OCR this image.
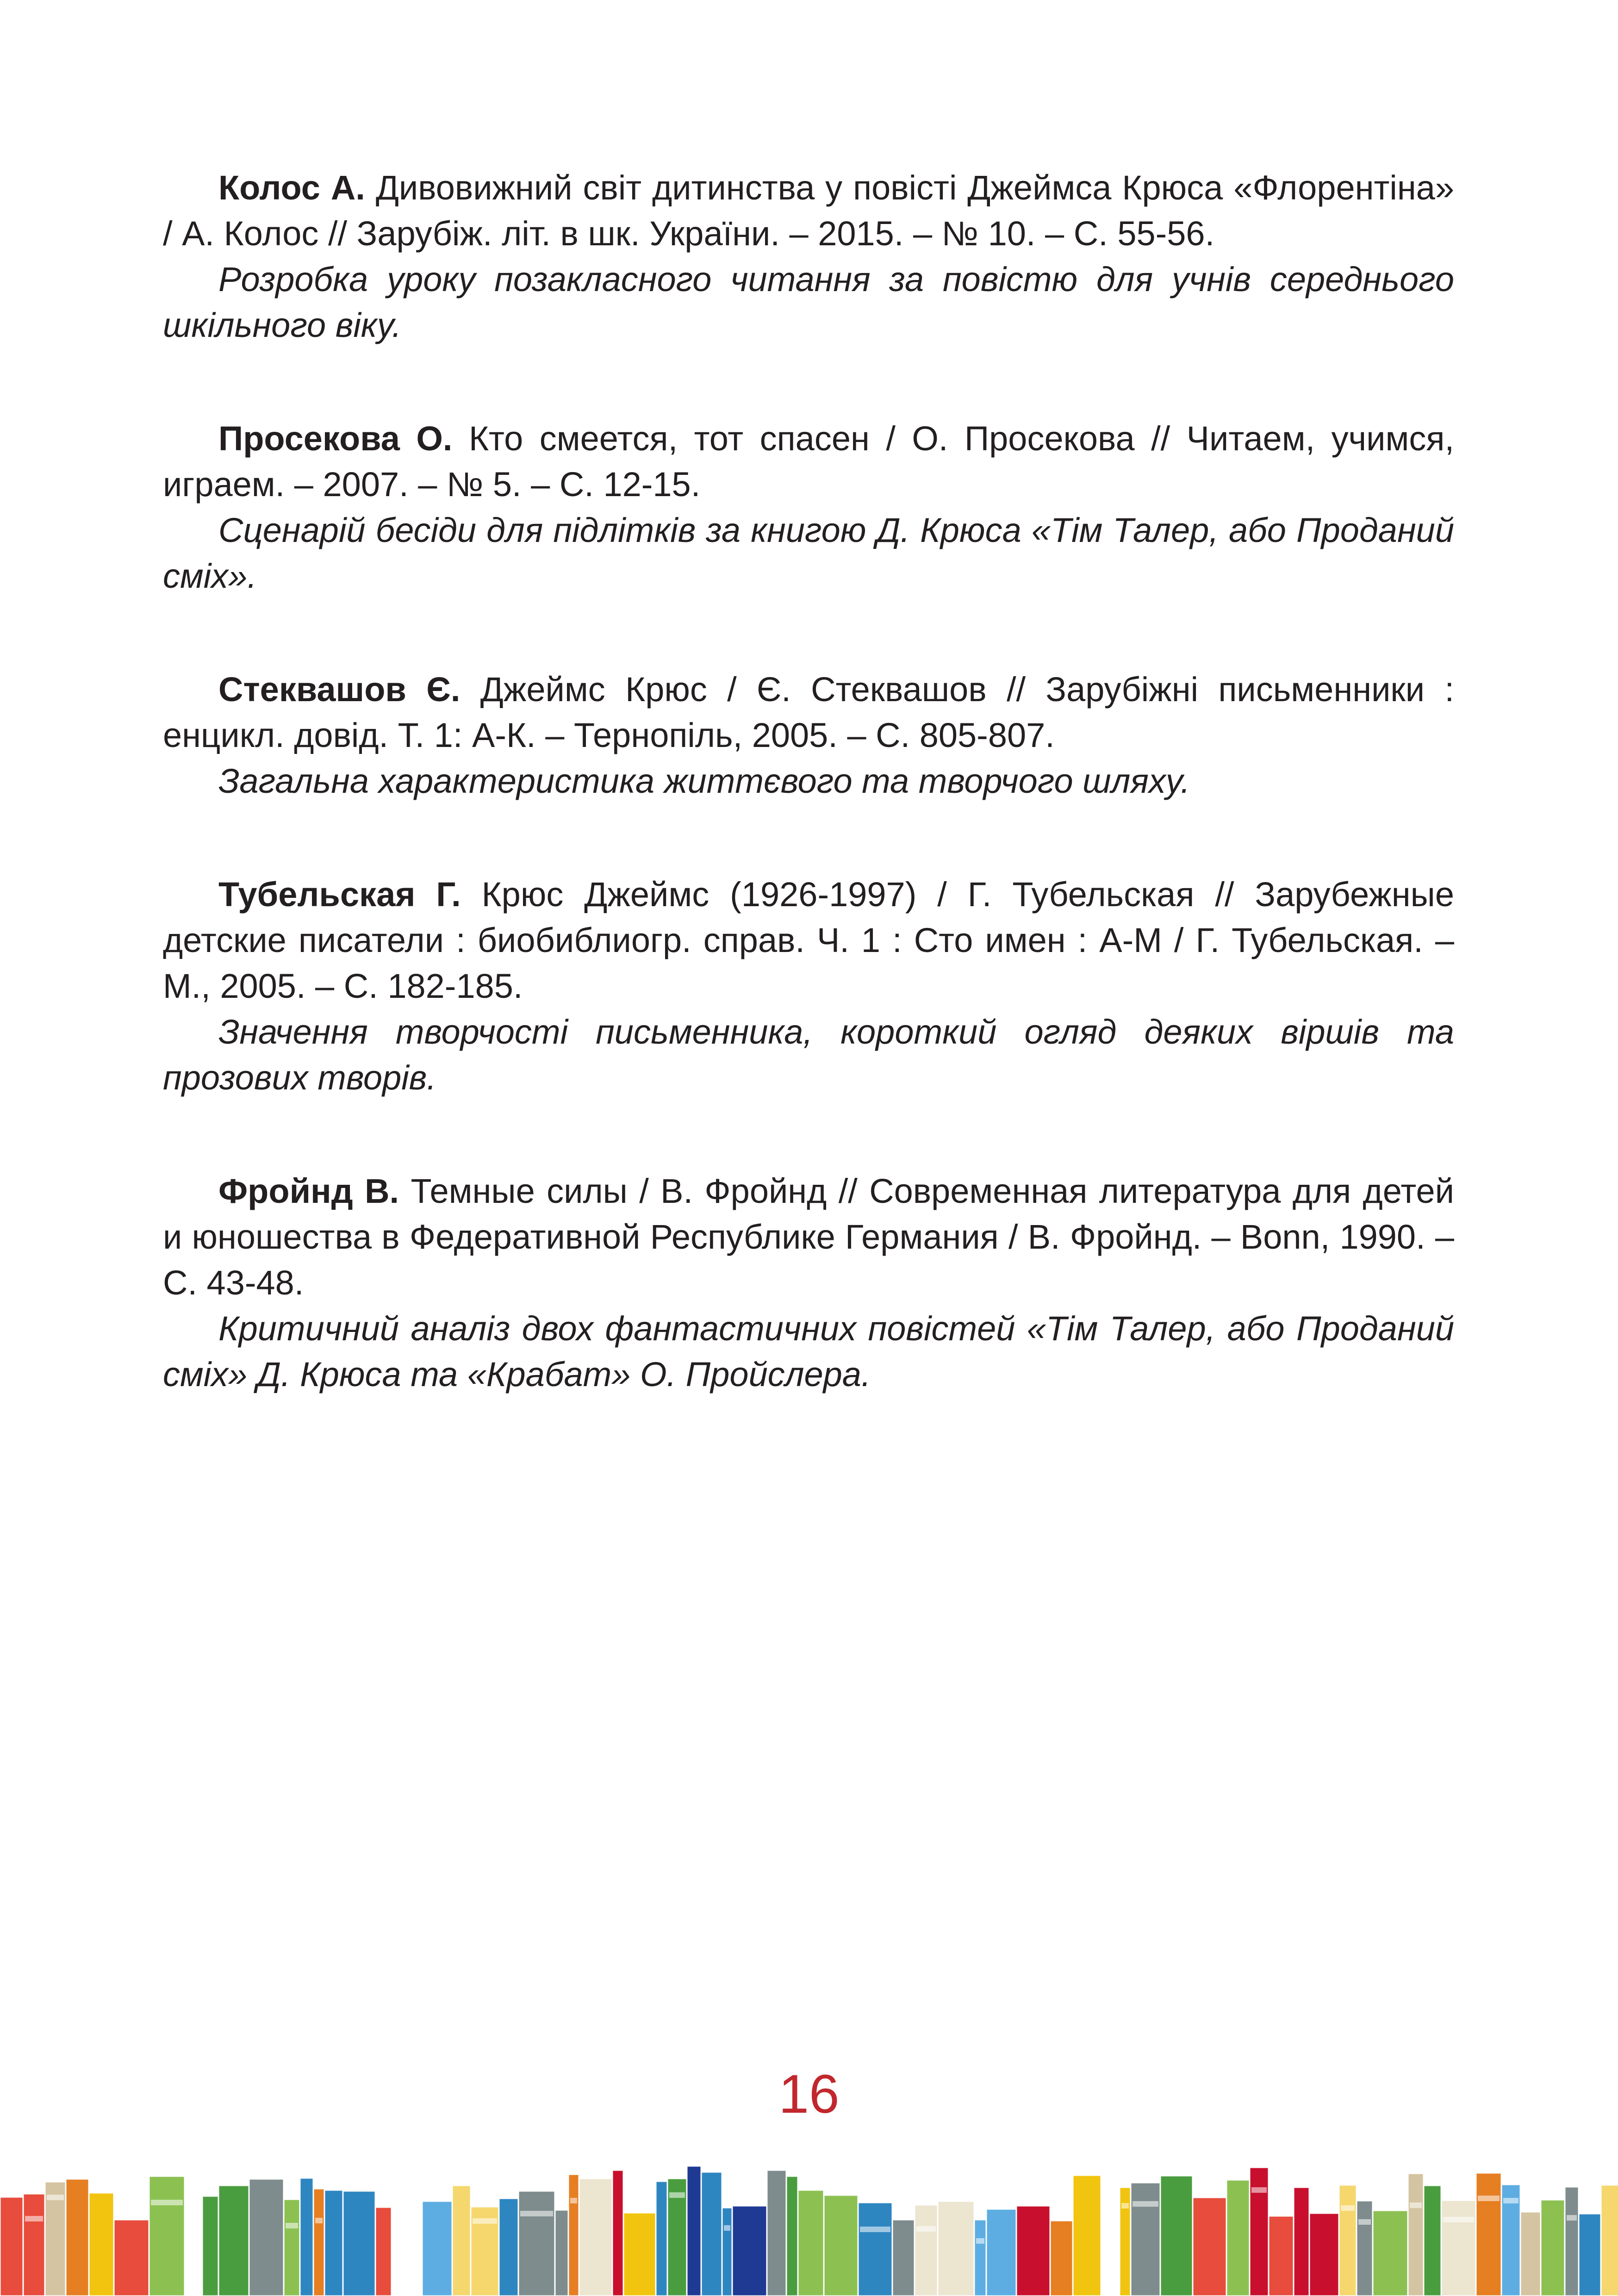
Колос А. Дивовижний світ дитинства у повісті Джеймса Крюса «Флорентіна» / А. Колос // Зарубіж. літ. в шк. України. – 2015. – № 10. – С. 55-56.

Розробка уроку позакласного читання за повістю для учнів середнього шкільного віку.

Просекова О. Кто смеется, тот спасен / О. Просекова // Читаем, учимся, играем. – 2007. – № 5. – С. 12-15.

Сценарій бесіди для підлітків за книгою Д. Крюса «Тім Талер, або Проданий сміх».

Стеквашов Є. Джеймс Крюс / Є. Стеквашов // Зарубіжні письменники : енцикл. довід. Т. 1: А-К. – Тернопіль, 2005. – С. 805-807.

Загальна характеристика життєвого та творчого шляху.

Тубельская Г. Крюс Джеймс (1926-1997) / Г. Тубельская // Зарубежные детские писатели : биобиблиогр. справ. Ч. 1 : Сто имен : А-М / Г. Тубельская. – М., 2005. – С. 182-185.

Значення творчості письменника, короткий огляд деяких віршів та прозових творів.

Фройнд В. Темные силы / В. Фройнд // Современная литература для детей и юношества в Федеративной Республике Германия / В. Фройнд. – Bonn, 1990. – С. 43-48.

Критичний аналіз двох фантастичних повістей «Тім Талер, або Проданий сміх» Д. Крюса та «Крабат» О. Пройслера.

16
